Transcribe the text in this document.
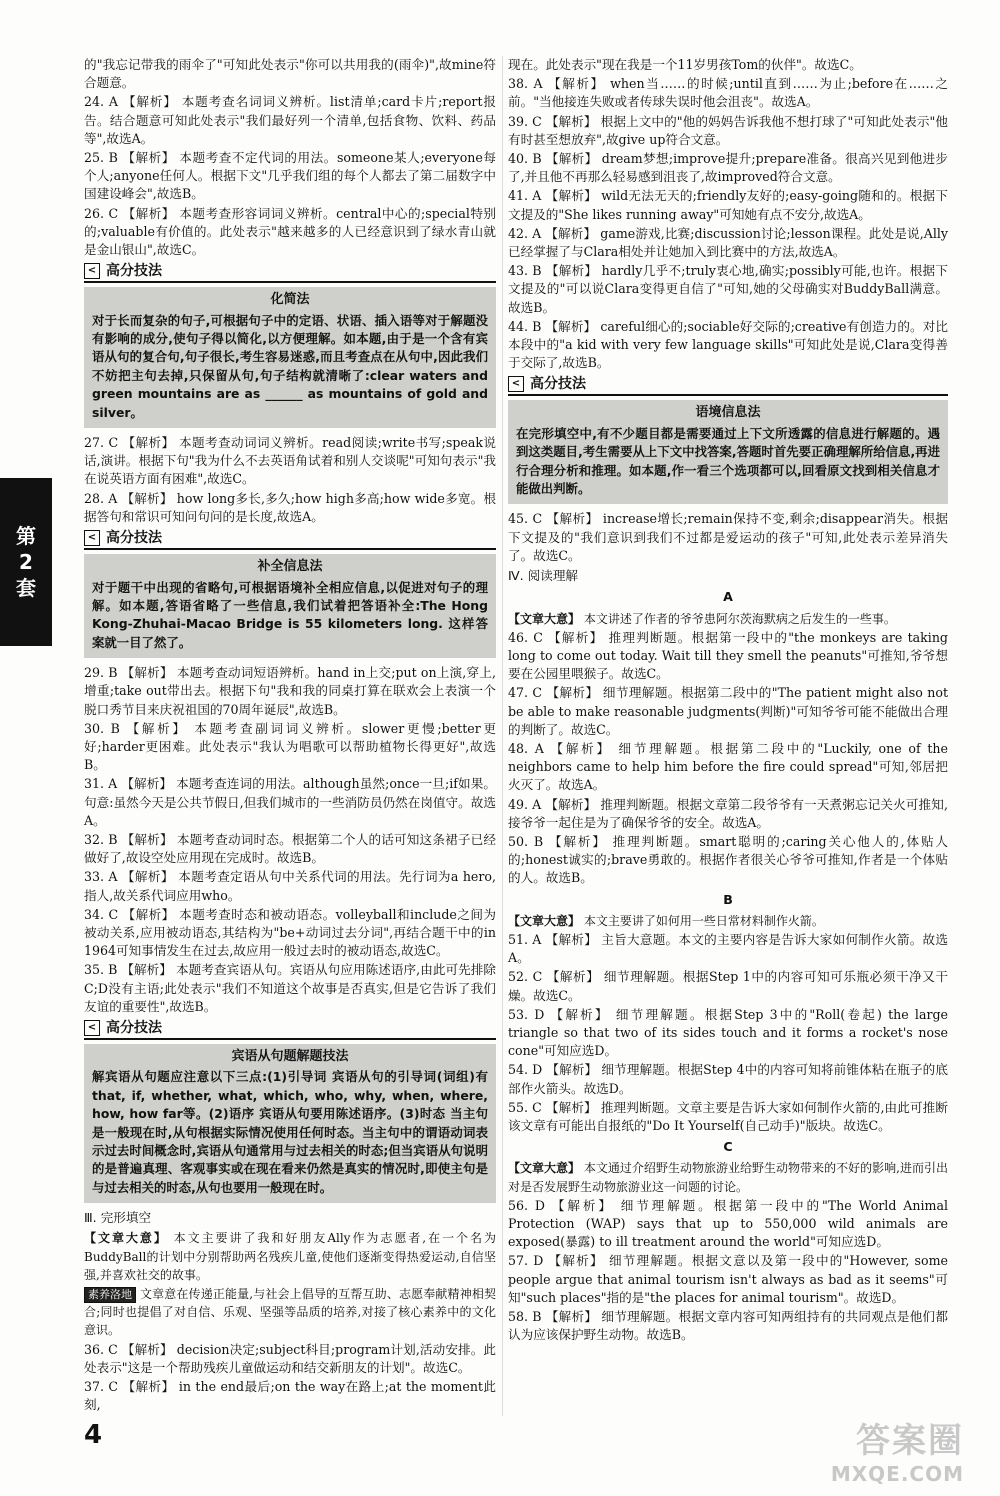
的"我忘记带我的雨伞了"可知此处表示"你可以共用我的(雨伞)",故mine符合题意。

24. A 【解析】 本题考查名词词义辨析。list清单;card卡片;report报告。结合题意可知此处表示"我们最好列一个清单,包括食物、饮料、药品等",故选A。

25. B 【解析】 本题考查不定代词的用法。someone某人;everyone每个人;anyone任何人。根据下文"几乎我们组的每个人都去了第二届数字中国建设峰会",故选B。

26. C 【解析】 本题考查形容词词义辨析。central中心的;special特别的;valuable有价值的。此处表示"越来越多的人已经意识到了绿水青山就是金山银山",故选C。

< 高分技法
化简法

对于长而复杂的句子,可根据句子中的定语、状语、插入语等对于解题没有影响的成分,使句子得以简化,以方便理解。如本题,由于是一个含有宾语从句的复合句,句子很长,考生容易迷惑,而且考查点在从句中,因此我们不妨把主句去掉,只保留从句,句子结构就清晰了:clear waters and green mountains are as ______ as mountains of gold and silver。

27. C 【解析】 本题考查动词词义辨析。read阅读;write书写;speak说话,演讲。根据下句"我为什么不去英语角试着和别人交谈呢"可知句表示"我在说英语方面有困难",故选C。

28. A 【解析】 how long多长,多久;how high多高;how wide多宽。根据答句和常识可知问句问的是长度,故选A。

< 高分技法
补全信息法

对于题干中出现的省略句,可根据语境补全相应信息,以促进对句子的理解。如本题,答语省略了一些信息,我们试着把答语补全:The Hong Kong-Zhuhai-Macao Bridge is 55 kilometers long. 这样答案就一目了然了。

29. B 【解析】 本题考查动词短语辨析。hand in上交;put on上演,穿上,增重;take out带出去。根据下句"我和我的同桌打算在联欢会上表演一个脱口秀节目来庆祝祖国的70周年诞辰",故选B。

30. B 【解析】 本题考查副词词义辨析。slower更慢;better更好;harder更困难。此处表示"我认为唱歌可以帮助植物长得更好",故选B。

31. A 【解析】 本题考查连词的用法。although虽然;once一旦;if如果。句意:虽然今天是公共节假日,但我们城市的一些消防员仍然在岗值守。故选A。

32. B 【解析】 本题考查动词时态。根据第二个人的话可知这条裙子已经做好了,故设空处应用现在完成时。故选B。

33. A 【解析】 本题考查定语从句中关系代词的用法。先行词为a hero,指人,故关系代词应用who。

34. C 【解析】 本题考查时态和被动语态。volleyball和include之间为被动关系,应用被动语态,其结构为"be+动词过去分词",再结合题干中的in 1964可知事情发生在过去,故应用一般过去时的被动语态,故选C。

35. B 【解析】 本题考查宾语从句。宾语从句应用陈述语序,由此可先排除C;D没有主语;此处表示"我们不知道这个故事是否真实,但是它告诉了我们友谊的重要性",故选B。

< 高分技法
宾语从句题解题技法

解宾语从句题应注意以下三点:(1)引导词 宾语从句的引导词(词组)有that, if, whether, what, which, who, why, when, where, how, how far等。(2)语序 宾语从句要用陈述语序。(3)时态 当主句是一般现在时,从句根据实际情况使用任何时态。当主句中的谓语动词表示过去时间概念时,宾语从句通常用与过去相关的时态;但当宾语从句说明的是普遍真理、客观事实或在现在看来仍然是真实的情况时,即使主句是与过去相关的时态,从句也要用一般现在时。

Ⅲ. 完形填空

【文章大意】 本文主要讲了我和好朋友Ally作为志愿者,在一个名为BuddyBall的计划中分别帮助两名残疾儿童,使他们逐渐变得热爱运动,自信坚强,并喜欢社交的故事。

素养洛地 文章意在传递正能量,与社会上倡导的互帮互助、志愿奉献精神相契合;同时也提倡了对自信、乐观、坚强等品质的培养,对接了核心素养中的文化意识。

36. C 【解析】 decision决定;subject科目;program计划,活动安排。此处表示"这是一个帮助残疾儿童做运动和结交新朋友的计划"。故选C。

37. C 【解析】 in the end最后;on the way在路上;at the moment此刻,

现在。此处表示"现在我是一个11岁男孩Tom的伙伴"。故选C。

38. A 【解析】 when当……的时候;until直到……为止;before在……之前。"当他接连失败或者传球失误时他会沮丧"。故选A。

39. C 【解析】 根据上文中的"他的妈妈告诉我他不想打球了"可知此处表示"他有时甚至想放弃",故give up符合文意。

40. B 【解析】 dream梦想;improve提升;prepare准备。很高兴见到他进步了,并且他不再那么轻易感到沮丧了,故improved符合文意。

41. A 【解析】 wild无法无天的;friendly友好的;easy-going随和的。根据下文提及的"She likes running away"可知她有点不安分,故选A。

42. A 【解析】 game游戏,比赛;discussion讨论;lesson课程。此处是说,Ally已经掌握了与Clara相处并让她加入到比赛中的方法,故选A。

43. B 【解析】 hardly几乎不;truly衷心地,确实;possibly可能,也许。根据下文提及的"可以说Clara变得更自信了"可知,她的父母确实对BuddyBall满意。故选B。

44. B 【解析】 careful细心的;sociable好交际的;creative有创造力的。对比本段中的"a kid with very few language skills"可知此处是说,Clara变得善于交际了,故选B。

< 高分技法
语境信息法

在完形填空中,有不少题目都是需要通过上下文所透露的信息进行解题的。遇到这类题目,考生需要从上下文中找答案,答题时首先要正确理解所给信息,再进行合理分析和推理。如本题,作一看三个选项都可以,回看原文找到相关信息才能做出判断。

45. C 【解析】 increase增长;remain保持不变,剩余;disappear消失。根据下文提及的"我们意识到我们不过都是爱运动的孩子"可知,此处表示差异消失了。故选C。

Ⅳ. 阅读理解
A

【文章大意】 本文讲述了作者的爷爷患阿尔茨海默病之后发生的一些事。

46. C 【解析】 推理判断题。根据第一段中的"the monkeys are taking long to come out today. Wait till they smell the peanuts"可推知,爷爷想要在公园里喂猴子。故选C。

47. C 【解析】 细节理解题。根据第二段中的"The patient might also not be able to make reasonable judgments(判断)"可知爷爷可能不能做出合理的判断了。故选C。

48. A 【解析】 细节理解题。根据第二段中的"Luckily, one of the neighbors came to help him before the fire could spread"可知,邻居把火灭了。故选A。

49. A 【解析】 推理判断题。根据文章第二段爷爷有一天煮粥忘记关火可推知,接爷爷一起住是为了确保爷爷的安全。故选A。

50. B 【解析】 推理判断题。smart聪明的;caring关心他人的,体贴人的;honest诚实的;brave勇敢的。根据作者很关心爷爷可推知,作者是一个体贴的人。故选B。

B

【文章大意】 本文主要讲了如何用一些日常材料制作火箭。

51. A 【解析】 主旨大意题。本文的主要内容是告诉大家如何制作火箭。故选A。

52. C 【解析】 细节理解题。根据Step 1中的内容可知可乐瓶必须干净又干燥。故选C。

53. D 【解析】 细节理解题。根据Step 3中的"Roll(卷起) the large triangle so that two of its sides touch and it forms a rocket's nose cone"可知应选D。

54. D 【解析】 细节理解题。根据Step 4中的内容可知将前锥体粘在瓶子的底部作火箭头。故选D。

55. C 【解析】 推理判断题。文章主要是告诉大家如何制作火箭的,由此可推断该文章有可能出自报纸的"Do It Yourself(自己动手)"版块。故选C。

C

【文章大意】 本文通过介绍野生动物旅游业给野生动物带来的不好的影响,进而引出对是否发展野生动物旅游业这一问题的讨论。

56. D 【解析】 细节理解题。根据第一段中的"The World Animal Protection (WAP) says that up to 550,000 wild animals are exposed(暴露) to ill treatment around the world"可知应选D。

57. D 【解析】 细节理解题。根据文意以及第一段中的"However, some people argue that animal tourism isn't always as bad as it seems"可知"such places"指的是"the places for animal tourism"。故选D。

58. B 【解析】 细节理解题。根据文章内容可知两组持有的共同观点是他们都认为应该保护野生动物。故选B。

第
2
套
4	答案圈
MXQE.COM
